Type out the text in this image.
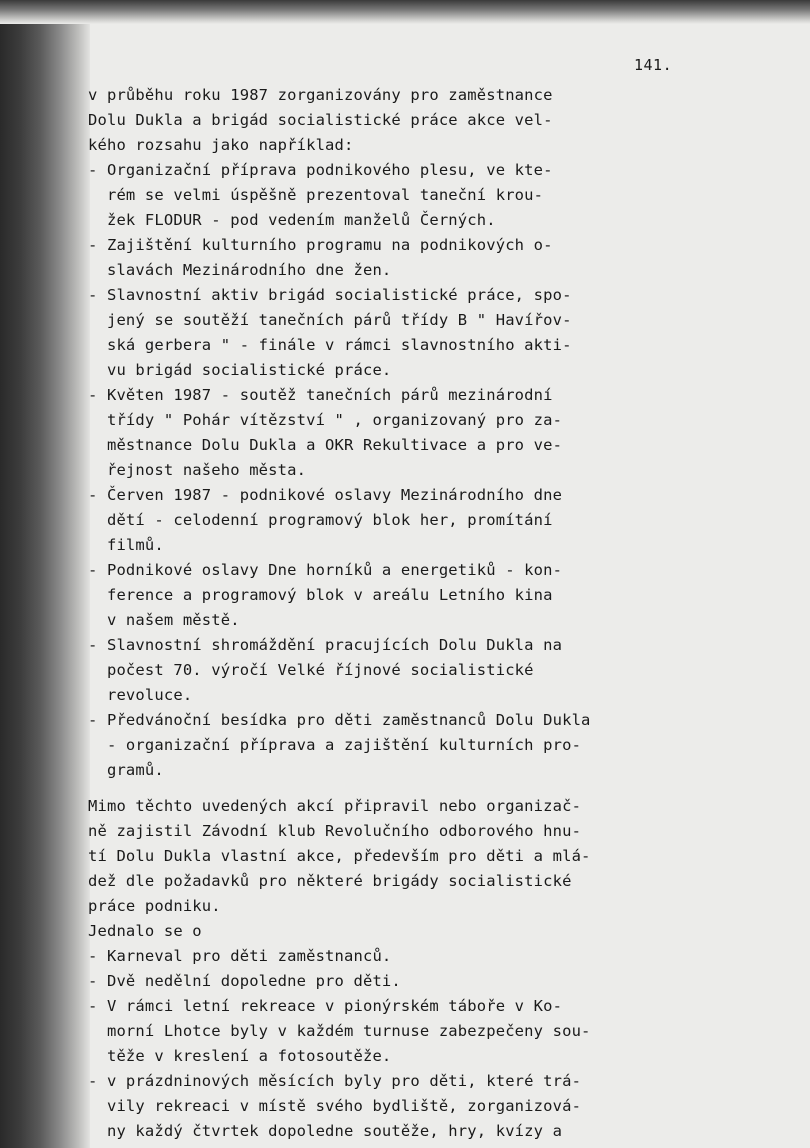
141.
v průběhu roku 1987 zorganizovány pro zaměstnance
Dolu Dukla a brigád socialistické práce akce vel-
kého rozsahu jako například:
- Organizační příprava podnikového plesu, ve kte-
rém se velmi úspěšně prezentoval taneční krou-
žek FLODUR - pod vedením manželů Černých.
- Zajištění kulturního programu na podnikových o-
slavách Mezinárodního dne žen.
- Slavnostní aktiv brigád socialistické práce, spo-
jený se soutěží tanečních párů třídy B " Havířov-
ská gerbera " - finále v rámci slavnostního akti-
vu brigád socialistické práce.
- Květen 1987 - soutěž tanečních párů mezinárodní
třídy " Pohár vítězství " , organizovaný pro za-
městnance Dolu Dukla a OKR Rekultivace a pro ve-
řejnost našeho města.
- Červen 1987 - podnikové oslavy Mezinárodního dne
dětí - celodenní programový blok her, promítání
filmů.
- Podnikové oslavy Dne horníků a energetiků - kon-
ference a programový blok v areálu Letního kina
v našem městě.
- Slavnostní shromáždění pracujících Dolu Dukla na
počest 70. výročí Velké říjnové socialistické
revoluce.
- Předvánoční besídka pro děti zaměstnanců Dolu Dukla
- organizační příprava a zajištění kulturních pro-
gramů.
Mimo těchto uvedených akcí připravil nebo organizač-
ně zajistil Závodní klub Revolučního odborového hnu-
tí Dolu Dukla vlastní akce, především pro děti a mlá-
dež dle požadavků pro některé brigády socialistické
práce podniku.
Jednalo se o
- Karneval pro děti zaměstnanců.
- Dvě nedělní dopoledne pro děti.
- V rámci letní rekreace v pionýrském táboře v Ko-
morní Lhotce byly v každém turnuse zabezpečeny sou-
těže v kreslení a fotosoutěže.
- v prázdninových měsících byly pro děti, které trá-
vily rekreaci v místě svého bydliště, zorganizová-
ny každý čtvrtek dopoledne soutěže, hry, kvízy a
